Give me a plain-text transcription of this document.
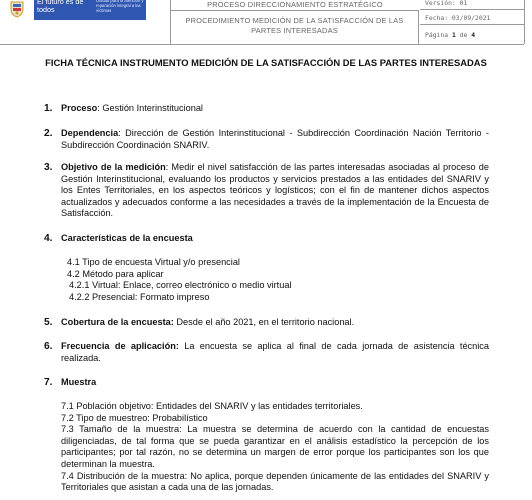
El futuro es de todos
Unidad para la atención y reparación integral a las víctimas
PROCESO DIRECCIONAMIENTO ESTRATÉGICO
PROCEDIMIENTO MEDICIÓN DE LA SATISFACCIÓN DE LAS PARTES INTERESADAS
Versión: 01
Fecha: 03/09/2021
Página 1 de 4
FICHA TÉCNICA INSTRUMENTO MEDICIÓN DE LA SATISFACCIÓN DE LAS PARTES INTERESADAS
1. Proceso: Gestión Interinstitucional
2. Dependencia: Dirección de Gestión Interinstitucional - Subdirección Coordinación Nación Territorio - Subdirección Coordinación SNARIV.
3. Objetivo de la medición: Medir el nivel satisfacción de las partes interesadas asociadas al proceso de Gestión Interinstitucional, evaluando los productos y servicios prestados a las entidades del SNARIV y los Entes Territoriales, en los aspectos teóricos y logísticos; con el fin de mantener dichos aspectos actualizados y adecuados conforme a las necesidades a través de la implementación de la Encuesta de Satisfacción.
4. Características de la encuesta
4.1 Tipo de encuesta Virtual y/o presencial
4.2 Método para aplicar
4.2.1 Virtual: Enlace, correo electrónico o medio virtual
4.2.2 Presencial: Formato impreso
5. Cobertura de la encuesta: Desde el año 2021, en el territorio nacional.
6. Frecuencia de aplicación: La encuesta se aplica al final de cada jornada de asistencia técnica realizada.
7. Muestra

7.1 Población objetivo: Entidades del SNARIV y las entidades territoriales.

7.2 Tipo de muestreo: Probabilístico

7.3 Tamaño de la muestra: La muestra se determina de acuerdo con la cantidad de encuestas diligenciadas, de tal forma que se pueda garantizar en el análisis estadístico la percepción de los participantes; por tal razón, no se determina un margen de error porque los participantes son los que determinan la muestra.

7.4 Distribución de la muestra: No aplica, porque dependen únicamente de las entidades del SNARIV y Territoriales que asistan a cada una de las jornadas.
